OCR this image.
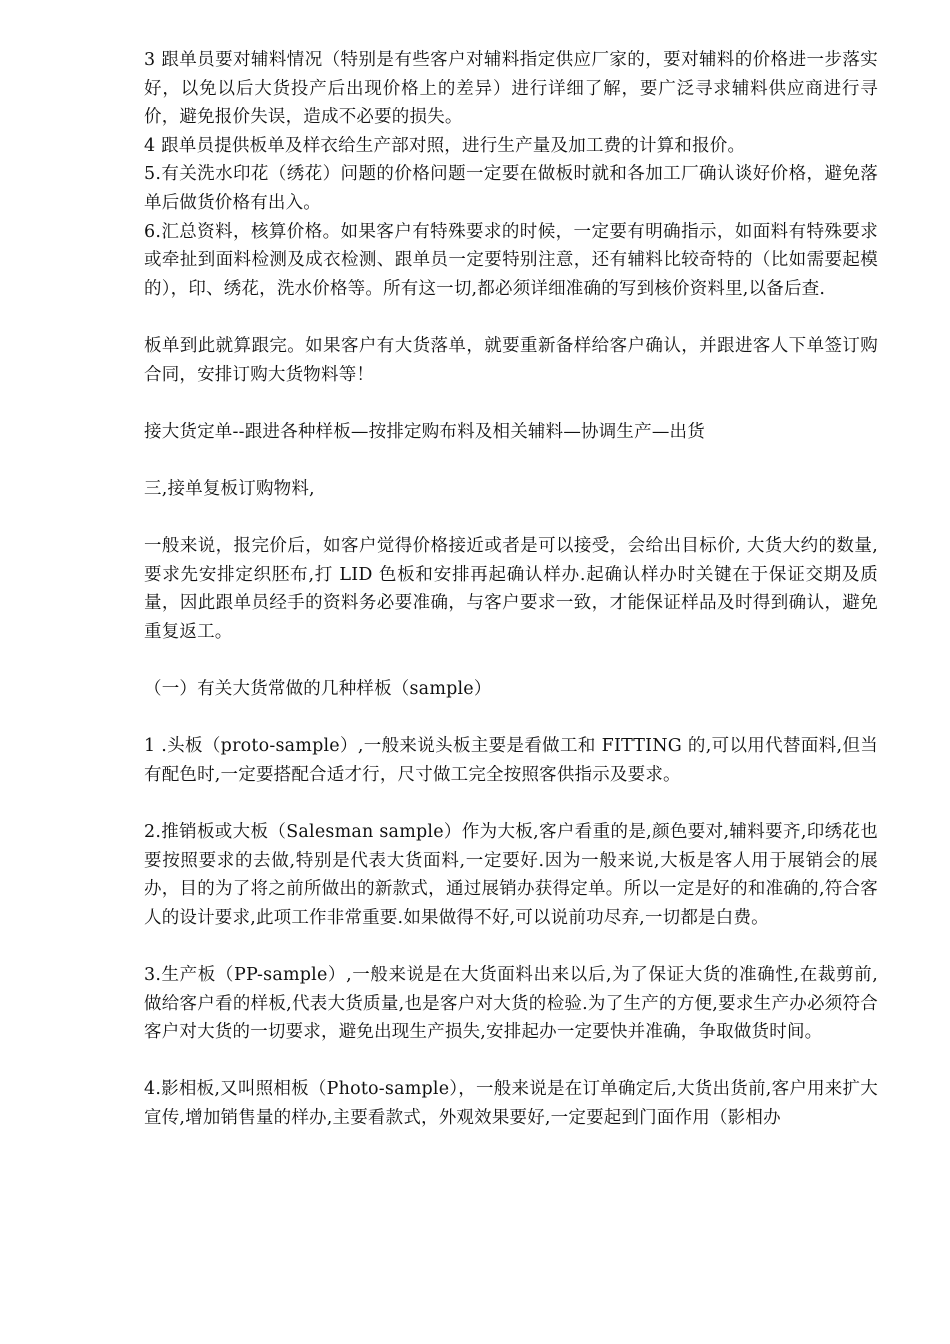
3 跟单员要对辅料情况（特别是有些客户对辅料指定供应厂家的，要对辅料的价格进一步落实好，以免以后大货投产后出现价格上的差异）进行详细了解，要广泛寻求辅料供应商进行寻价，避免报价失误，造成不必要的损失。

4 跟单员提供板单及样衣给生产部对照，进行生产量及加工费的计算和报价。

5.有关洗水印花（绣花）问题的价格问题一定要在做板时就和各加工厂确认谈好价格，避免落单后做货价格有出入。

6.汇总资料，核算价格。如果客户有特殊要求的时候，一定要有明确指示，如面料有特殊要求或牵扯到面料检测及成衣检测、跟单员一定要特别注意，还有辅料比较奇特的（比如需要起模的），印、绣花，洗水价格等。所有这一切,都必须详细准确的写到核价资料里,以备后查.

板单到此就算跟完。如果客户有大货落单，就要重新备样给客户确认，并跟进客人下单签订购合同，安排订购大货物料等！

接大货定单--跟进各种样板—按排定购布料及相关辅料—协调生产—出货

三,接单复板订购物料,

一般来说，报完价后，如客户觉得价格接近或者是可以接受，会给出目标价, 大货大约的数量,要求先安排定织胚布,打 LID 色板和安排再起确认样办.起确认样办时关键在于保证交期及质量，因此跟单员经手的资料务必要准确，与客户要求一致，才能保证样品及时得到确认，避免重复返工。

（一）有关大货常做的几种样板（sample）

1 .头板（proto-sample）,一般来说头板主要是看做工和 FITTING 的,可以用代替面料,但当有配色时,一定要搭配合适才行，尺寸做工完全按照客供指示及要求。

2.推销板或大板（Salesman sample）作为大板,客户看重的是,颜色要对,辅料要齐,印绣花也要按照要求的去做,特别是代表大货面料,一定要好.因为一般来说,大板是客人用于展销会的展办，目的为了将之前所做出的新款式，通过展销办获得定单。所以一定是好的和准确的,符合客人的设计要求,此项工作非常重要.如果做得不好,可以说前功尽弃,一切都是白费。

3.生产板（PP-sample）,一般来说是在大货面料出来以后,为了保证大货的准确性,在裁剪前,做给客户看的样板,代表大货质量,也是客户对大货的检验.为了生产的方便,要求生产办必须符合客户对大货的一切要求，避免出现生产损失,安排起办一定要快并准确，争取做货时间。

4.影相板,又叫照相板（Photo-sample），一般来说是在订单确定后,大货出货前,客户用来扩大宣传,增加销售量的样办,主要看款式，外观效果要好,一定要起到门面作用（影相办
